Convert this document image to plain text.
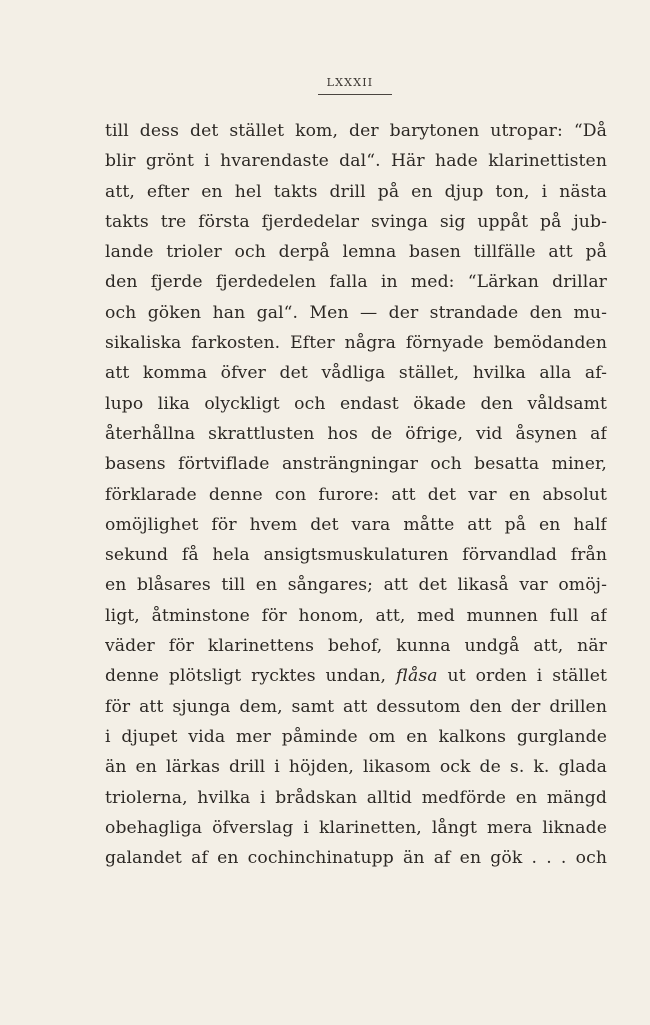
LXXXII
till dess det stället kom, der barytonen utropar: “Då
blir grönt i hvarendaste dal“. Här hade klarinettisten
att, efter en hel takts drill på en djup ton, i nästa
takts tre första fjerdedelar svinga sig uppåt på jub-
lande trioler och derpå lemna basen tillfälle att på
den fjerde fjerdedelen falla in med: “Lärkan drillar
och göken han gal“. Men — der strandade den mu-
sikaliska farkosten. Efter några förnyade bemödanden
att komma öfver det vådliga stället, hvilka alla af-
lupo lika olyckligt och endast ökade den våldsamt
återhållna skrattlusten hos de öfrige, vid åsynen af
basens förtviflade ansträngningar och besatta miner,
förklarade denne con furore: att det var en absolut
omöjlighet för hvem det vara måtte att på en half
sekund få hela ansigtsmuskulaturen förvandlad från
en blåsares till en sångares; att det likaså var omöj-
ligt, åtminstone för honom, att, med munnen full af
väder för klarinettens behof, kunna undgå att, när
denne plötsligt rycktes undan, flåsa ut orden i stället
för att sjunga dem, samt att dessutom den der drillen
i djupet vida mer påminde om en kalkons gurglande
än en lärkas drill i höjden, likasom ock de s. k. glada
triolerna, hvilka i brådskan alltid medförde en mängd
obehagliga öfverslag i klarinetten, långt mera liknade
galandet af en cochinchinatupp än af en gök . . . och
